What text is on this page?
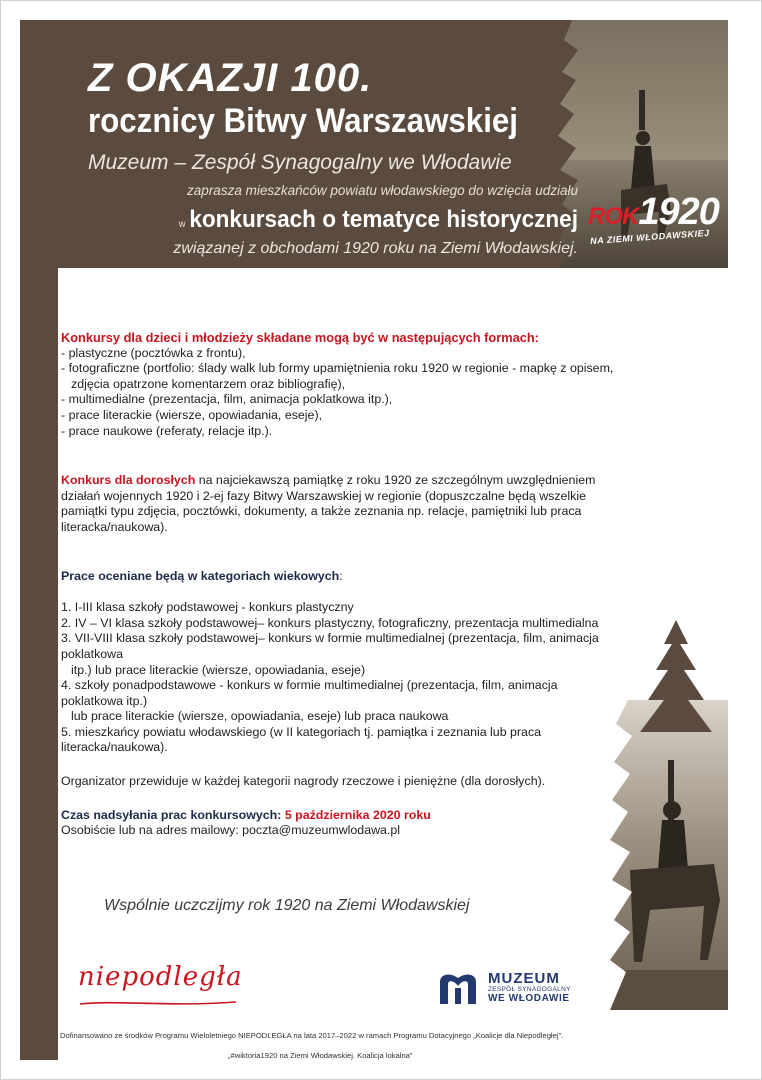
ROK1920
NA ZIEMI WŁODAWSKIEJ
Z OKAZJI 100.
rocznicy Bitwy Warszawskiej
Muzeum – Zespół Synagogalny we Włodawie
zaprasza mieszkańców powiatu włodawskiego do wzięcia udziału
w konkursach o tematyce historycznej
związanej z obchodami 1920 roku na Ziemi Włodawskiej.
Konkursy dla dzieci i młodzieży składane mogą być w następujących formach:

- plastyczne (pocztówka z frontu),

- fotograficzne (portfolio: ślady walk lub formy upamiętnienia roku 1920 w regionie - mapkę z opisem,

zdjęcia opatrzone komentarzem oraz bibliografię),

- multimedialne (prezentacja, film, animacja poklatkowa itp.),

- prace literackie (wiersze, opowiadania, eseje),

- prace naukowe (referaty, relacje itp.).

Konkurs dla dorosłych na najciekawszą pamiątkę z roku 1920 ze szczególnym uwzględnieniem działań wojennych 1920 i 2-ej fazy Bitwy Warszawskiej w regionie (dopuszczalne będą wszelkie pamiątki typu zdjęcia, pocztówki, dokumenty, a także zeznania np. relacje, pamiętniki lub praca literacka/naukowa).

Prace oceniane będą w kategoriach wiekowych:

1. I-III klasa szkoły podstawowej - konkurs plastyczny

2. IV – VI klasa szkoły podstawowej– konkurs plastyczny, fotograficzny, prezentacja multimedialna

3. VII-VIII klasa szkoły podstawowej– konkurs w formie multimedialnej (prezentacja, film, animacja poklatkowa

itp.) lub prace literackie (wiersze, opowiadania, eseje)

4. szkoły ponadpodstawowe - konkurs w formie multimedialnej (prezentacja, film, animacja poklatkowa itp.)

lub prace literackie (wiersze, opowiadania, eseje) lub praca naukowa

5. mieszkańcy powiatu włodawskiego (w II kategoriach tj. pamiątka i zeznania lub praca literacka/naukowa).

Organizator przewiduje w każdej kategorii nagrody rzeczowe i pieniężne (dla dorosłych).

Czas nadsyłania prac konkursowych: 5 października 2020 roku

Osobiście lub na adres mailowy: poczta@muzeumwlodawa.pl

Wspólnie uczczijmy rok 1920 na Ziemi Włodawskiej
niepodległa	MUZEUM
ZESPÓŁ SYNAGOGALNY
WE WŁODAWIE
Dofinansowano ze środków Programu Wieloletniego NIEPODLEGŁA na lata 2017–2022 w ramach Programu Dotacyjnego „Koalicje dla Niepodległej”.
„#wiktoria1920 na Ziemi Włodawskiej. Koalicja lokalna”
